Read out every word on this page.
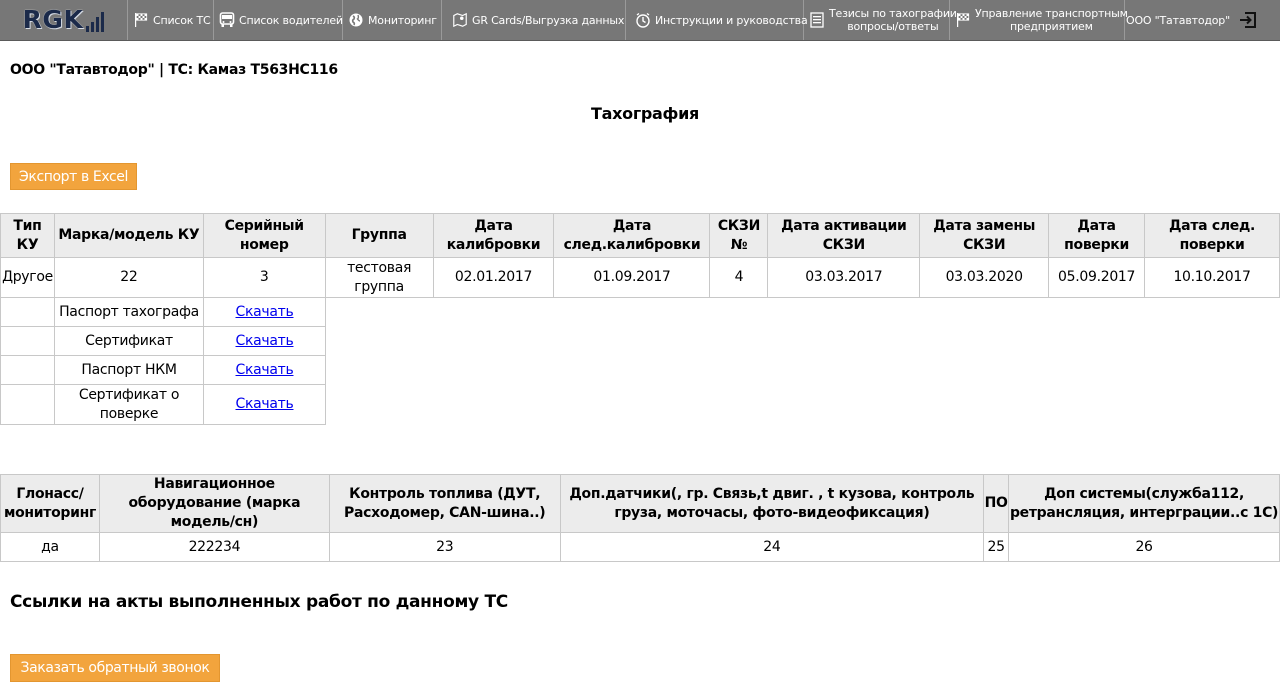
RGK	Список ТС	Список водителей Мониторинг	GR Cards/Выгрузка данных	Инструкции и руководства Тезисы по тахографии
вопросы/ответы
Управление транспортным
предприятием	ООО "Татавтодор"
ООО "Татавтодор" | ТС: Камаз Т563НС116
Тахография
Экспорт в Excel
Тип КУ	Марка/модель КУ	Серийный номер	Группа	Дата калибровки	Дата след.калибровки	СКЗИ №	Дата активации СКЗИ	Дата замены СКЗИ	Дата поверки	Дата след. поверки
Другое	22	3	тестовая группа	02.01.2017	01.09.2017	4	03.03.2017	03.03.2020	05.09.2017	10.10.2017
	Паспорт тахографа	Скачать
	Сертификат	Скачать
	Паспорт НКМ	Скачать
	Сертификат о поверке	Скачать
Глонасс/ мониторинг	Навигационное оборудование (марка модель/сн)	Контроль топлива (ДУТ, Расходомер, CAN-шина..)	Доп.датчики(, гр. Связь,t двиг. , t кузова, контроль груза, моточасы, фото-видеофиксация)	ПО	Доп системы(служба112, ретрансляция, интерграции..с 1С)
да	222234	23	24	25	26
Ссылки на акты выполненных работ по данному ТС
Заказать обратный звонок
